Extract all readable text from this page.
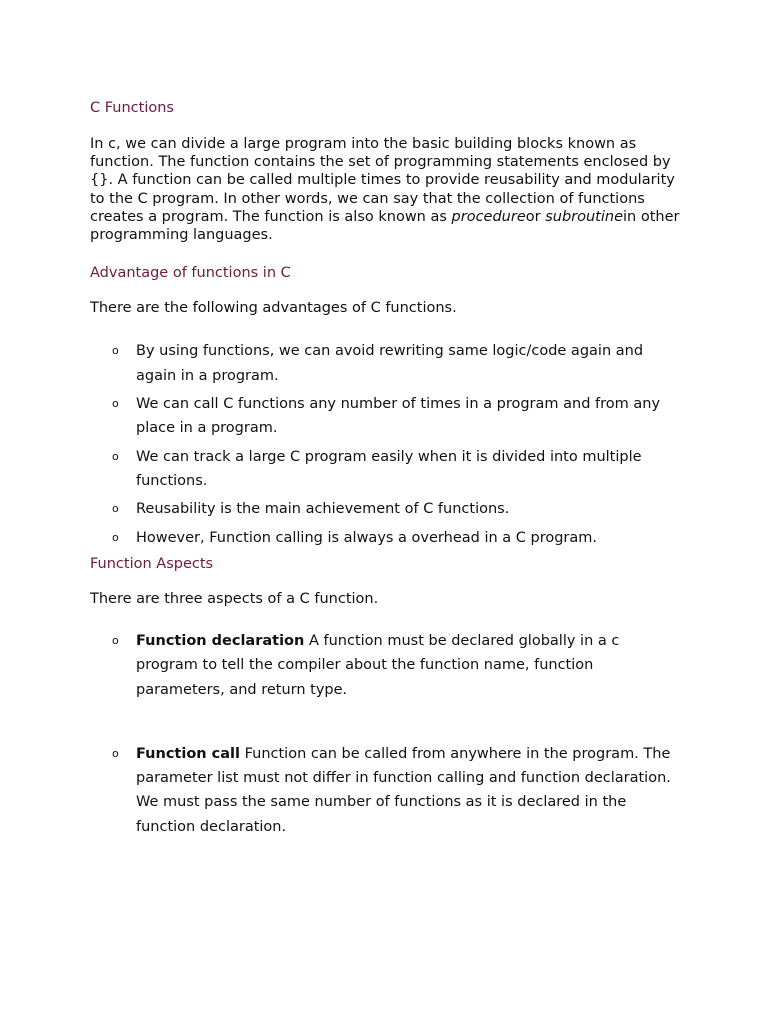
C Functions

In c, we can divide a large program into the basic building blocks known as function. The function contains the set of programming statements enclosed by {}. A function can be called multiple times to provide reusability and modularity to the C program. In other words, we can say that the collection of functions creates a program. The function is also known as procedureor subroutinein other programming languages.

Advantage of functions in C

There are the following advantages of C functions.

o By using functions, we can avoid rewriting same logic/code again and again in a program.
o We can call C functions any number of times in a program and from any place in a program.
o We can track a large C program easily when it is divided into multiple functions.
o Reusability is the main achievement of C functions.
o However, Function calling is always a overhead in a C program.
Function Aspects

There are three aspects of a C function.

o Function declaration A function must be declared globally in a c program to tell the compiler about the function name, function parameters, and return type.
o Function call Function can be called from anywhere in the program. The parameter list must not differ in function calling and function declaration. We must pass the same number of functions as it is declared in the function declaration.
